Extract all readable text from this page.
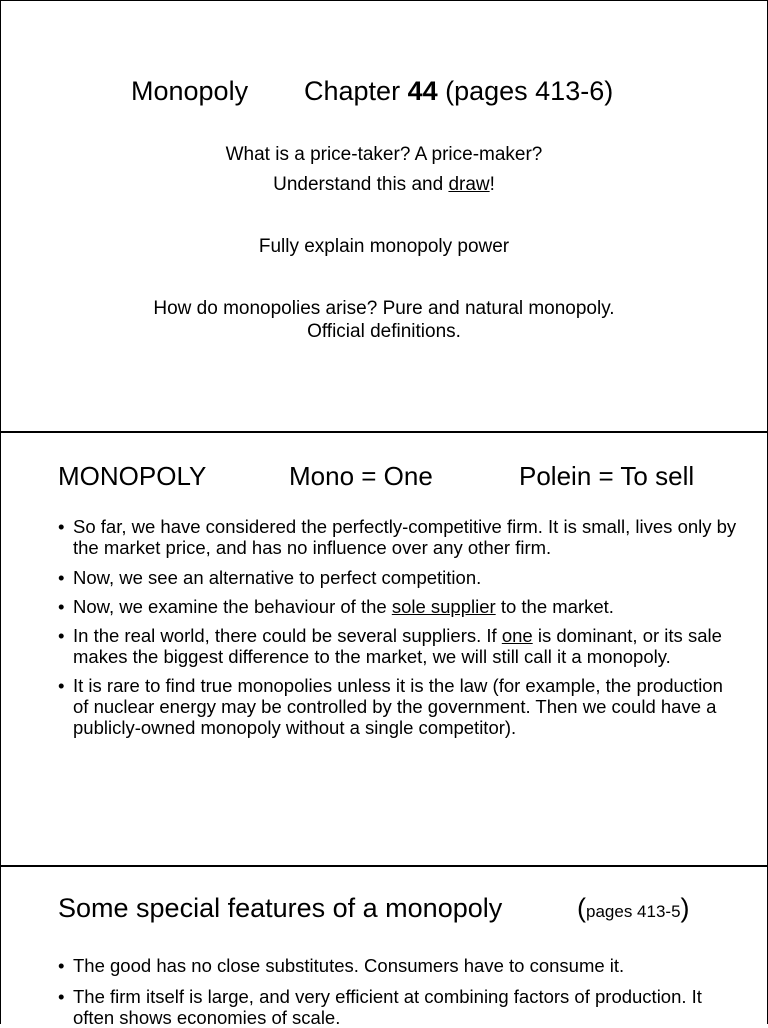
Monopoly Chapter 44 (pages 413-6)
What is a price-taker? A price-maker?
Understand this and draw!
Fully explain monopoly power
How do monopolies arise? Pure and natural monopoly.
Official definitions.
MONOPOLY	Mono = One	Polein = To sell
• So far, we have considered the perfectly-competitive firm. It is small, lives only by the market price, and has no influence over any other firm.
• Now, we see an alternative to perfect competition.
• Now, we examine the behaviour of the sole supplier to the market.
• In the real world, there could be several suppliers. If one is dominant, or its sale makes the biggest difference to the market, we will still call it a monopoly.
• It is rare to find true monopolies unless it is the law (for example, the production of nuclear energy may be controlled by the government. Then we could have a publicly-owned monopoly without a single competitor).
Some special features of a monopoly	(pages 413-5)
• The good has no close substitutes. Consumers have to consume it.
• The firm itself is large, and very efficient at combining factors of production. It often shows economies of scale.
